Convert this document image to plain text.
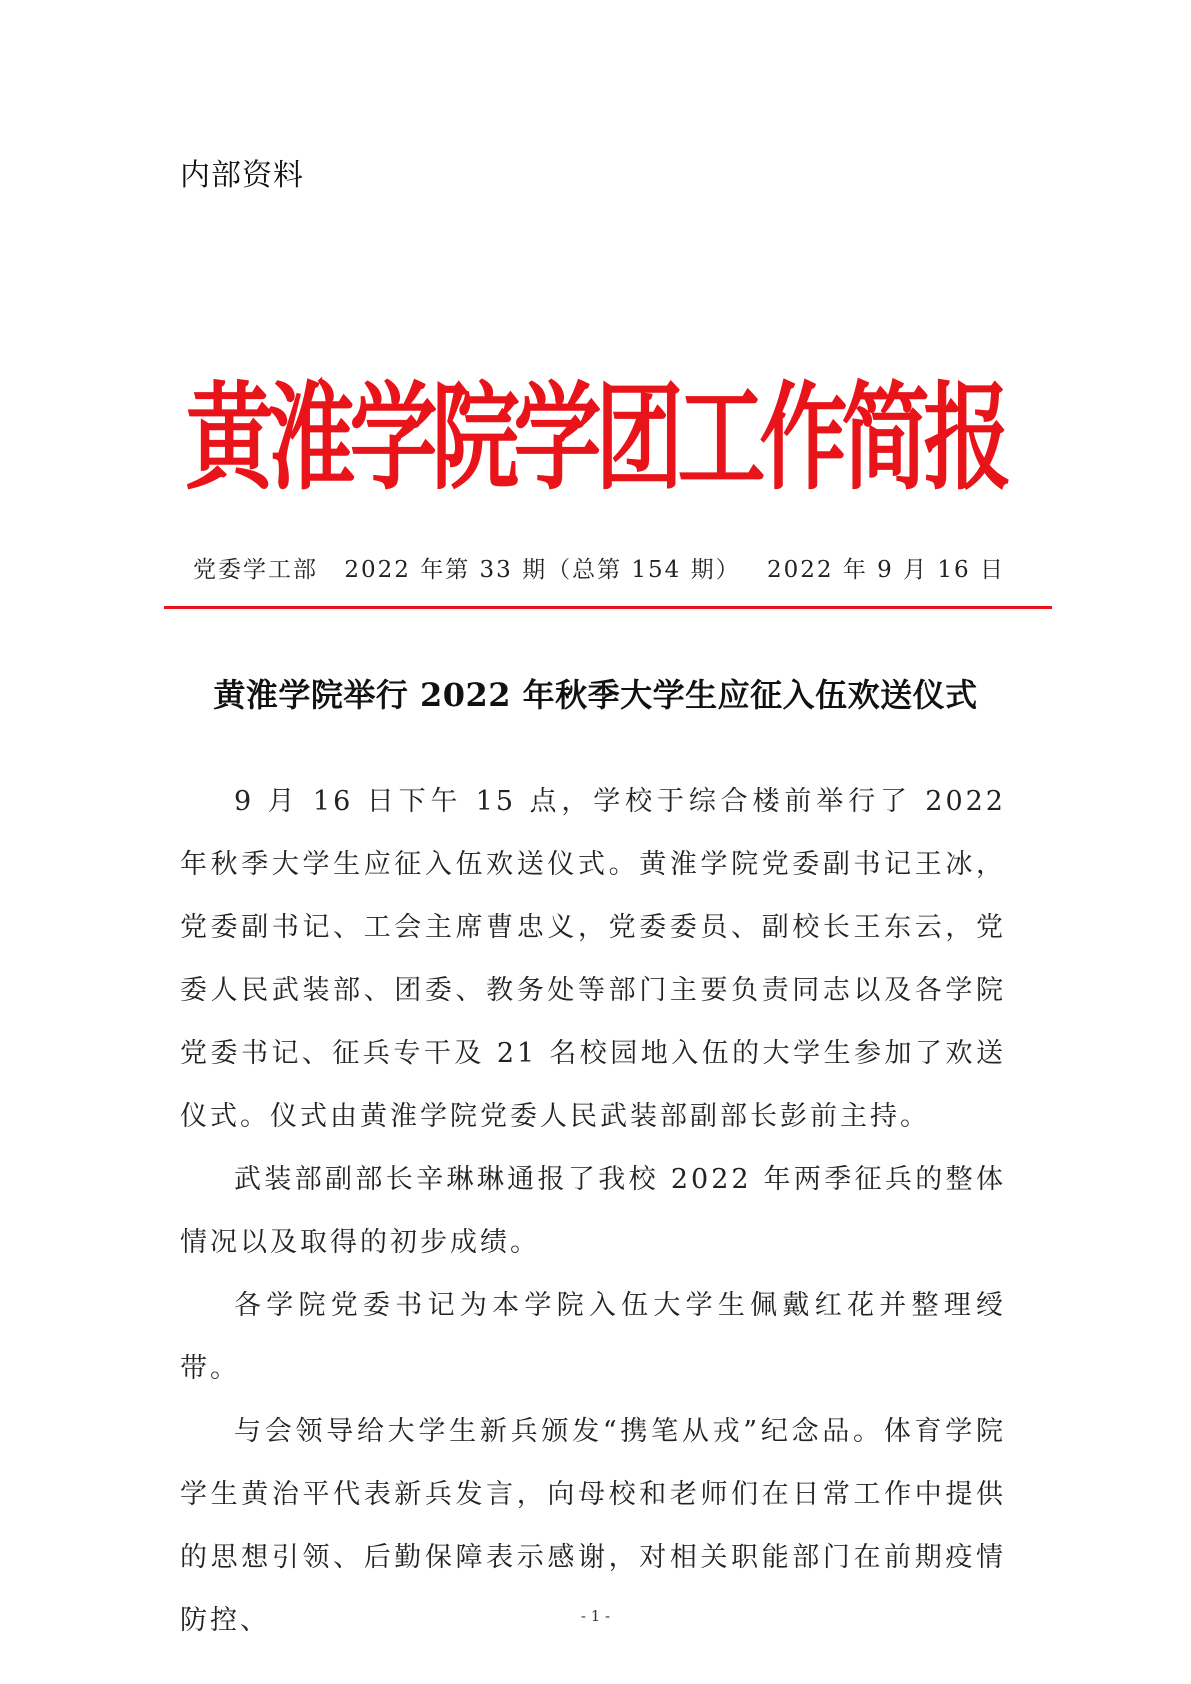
内部资料
黄淮学院学团工作简报
党委学工部 2022 年第 33 期（总第 154 期） 2022 年 9 月 16 日
黄淮学院举行 2022 年秋季大学生应征入伍欢送仪式

9 月 16 日下午 15 点，学校于综合楼前举行了 2022 年秋季大学生应征入伍欢送仪式。黄淮学院党委副书记王冰，党委副书记、工会主席曹忠义，党委委员、副校长王东云，党委人民武装部、团委、教务处等部门主要负责同志以及各学院党委书记、征兵专干及 21 名校园地入伍的大学生参加了欢送仪式。仪式由黄淮学院党委人民武装部副部长彭前主持。

武装部副部长辛琳琳通报了我校 2022 年两季征兵的整体情况以及取得的初步成绩。

各学院党委书记为本学院入伍大学生佩戴红花并整理绶带。

与会领导给大学生新兵颁发“携笔从戎”纪念品。体育学院学生黄治平代表新兵发言，向母校和老师们在日常工作中提供的思想引领、后勤保障表示感谢，对相关职能部门在前期疫情防控、	- 1 -
